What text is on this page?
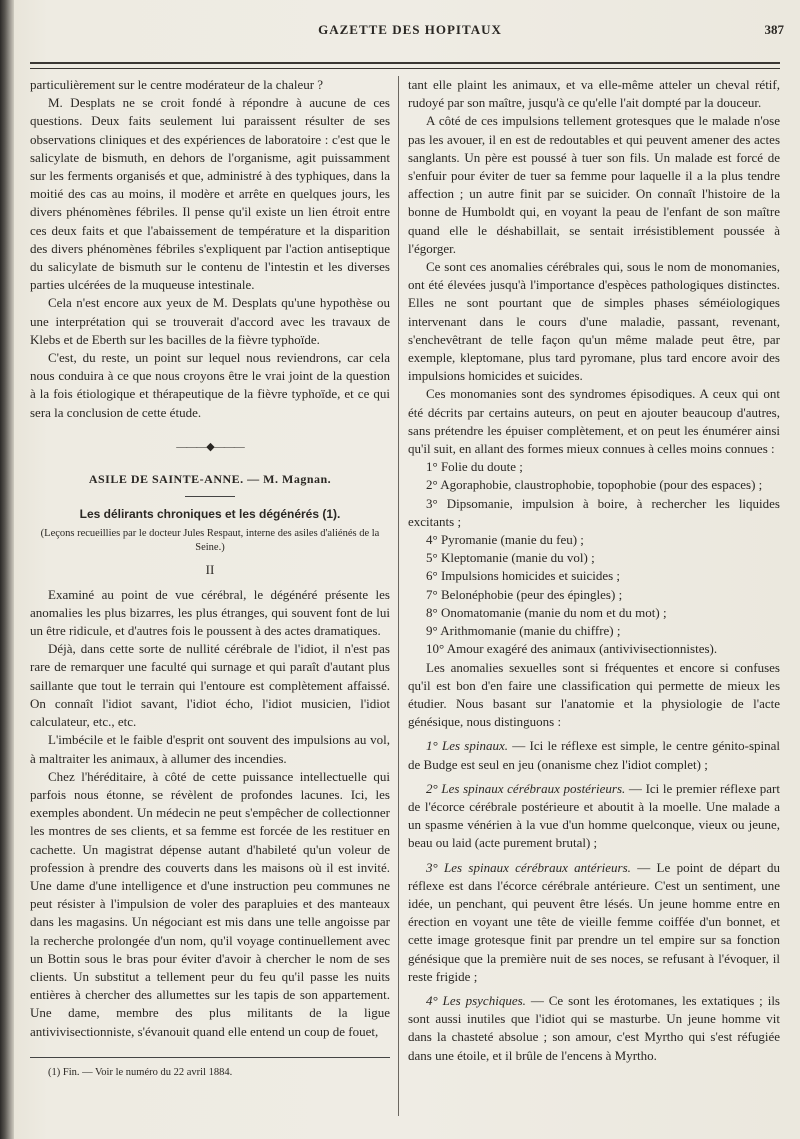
GAZETTE DES HOPITAUX	387

particulièrement sur le centre modérateur de la chaleur ?

M. Desplats ne se croit fondé à répondre à aucune de ces questions. Deux faits seulement lui paraissent résulter de ses observations cliniques et des expériences de laboratoire : c'est que le salicylate de bismuth, en dehors de l'organisme, agit puissamment sur les ferments organisés et que, administré à des typhiques, dans la moitié des cas au moins, il modère et arrête en quelques jours, les divers phénomènes fébriles. Il pense qu'il existe un lien étroit entre ces deux faits et que l'abaissement de température et la disparition des divers phénomènes fébriles s'expliquent par l'action antiseptique du salicylate de bismuth sur le contenu de l'intestin et les diverses parties ulcérées de la muqueuse intestinale.

Cela n'est encore aux yeux de M. Desplats qu'une hypothèse ou une interprétation qui se trouverait d'accord avec les travaux de Klebs et de Eberth sur les bacilles de la fièvre typhoïde.

C'est, du reste, un point sur lequel nous reviendrons, car cela nous conduira à ce que nous croyons être le vrai joint de la question à la fois étiologique et thérapeutique de la fièvre typhoïde, et ce qui sera la conclusion de cette étude.

———◆———
ASILE DE SAINTE-ANNE. — M. Magnan.
Les délirants chroniques et les dégénérés (1).
(Leçons recueillies par le docteur Jules Respaut, interne des asiles d'aliénés de la Seine.)
II

Examiné au point de vue cérébral, le dégénéré présente les anomalies les plus bizarres, les plus étranges, qui souvent font de lui un être ridicule, et d'autres fois le poussent à des actes dramatiques.

Déjà, dans cette sorte de nullité cérébrale de l'idiot, il n'est pas rare de remarquer une faculté qui surnage et qui paraît d'autant plus saillante que tout le terrain qui l'entoure est complètement affaissé. On connaît l'idiot savant, l'idiot écho, l'idiot musicien, l'idiot calculateur, etc., etc.

L'imbécile et le faible d'esprit ont souvent des impulsions au vol, à maltraiter les animaux, à allumer des incendies.

Chez l'héréditaire, à côté de cette puissance intellectuelle qui parfois nous étonne, se révèlent de profondes lacunes. Ici, les exemples abondent. Un médecin ne peut s'empêcher de collectionner les montres de ses clients, et sa femme est forcée de les restituer en cachette. Un magistrat dépense autant d'habileté qu'un voleur de profession à prendre des couverts dans les maisons où il est invité. Une dame d'une intelligence et d'une instruction peu communes ne peut résister à l'impulsion de voler des parapluies et des manteaux dans les magasins. Un négociant est mis dans une telle angoisse par la recherche prolongée d'un nom, qu'il voyage continuellement avec un Bottin sous le bras pour éviter d'avoir à chercher le nom de ses clients. Un substitut a tellement peur du feu qu'il passe les nuits entières à chercher des allumettes sur les tapis de son appartement. Une dame, membre des plus militants de la ligue antivivisectionniste, s'évanouit quand elle entend un coup de fouet,

(1) Fin. — Voir le numéro du 22 avril 1884.

tant elle plaint les animaux, et va elle-même atteler un cheval rétif, rudoyé par son maître, jusqu'à ce qu'elle l'ait dompté par la douceur.

A côté de ces impulsions tellement grotesques que le malade n'ose pas les avouer, il en est de redoutables et qui peuvent amener des actes sanglants. Un père est poussé à tuer son fils. Un malade est forcé de s'enfuir pour éviter de tuer sa femme pour laquelle il a la plus tendre affection ; un autre finit par se suicider. On connaît l'histoire de la bonne de Humboldt qui, en voyant la peau de l'enfant de son maître quand elle le déshabillait, se sentait irrésistiblement poussée à l'égorger.

Ce sont ces anomalies cérébrales qui, sous le nom de monomanies, ont été élevées jusqu'à l'importance d'espèces pathologiques distinctes. Elles ne sont pourtant que de simples phases séméiologiques intervenant dans le cours d'une maladie, passant, revenant, s'enchevêtrant de telle façon qu'un même malade peut être, par exemple, kleptomane, plus tard pyromane, plus tard encore avoir des impulsions homicides et suicides.

Ces monomanies sont des syndromes épisodiques. A ceux qui ont été décrits par certains auteurs, on peut en ajouter beaucoup d'autres, sans prétendre les épuiser complètement, et on peut les énumérer ainsi qu'il suit, en allant des formes mieux connues à celles moins connues :

1° Folie du doute ;

2° Agoraphobie, claustrophobie, topophobie (pour des espaces) ;

3° Dipsomanie, impulsion à boire, à rechercher les liquides excitants ;

4° Pyromanie (manie du feu) ;

5° Kleptomanie (manie du vol) ;

6° Impulsions homicides et suicides ;

7° Belonéphobie (peur des épingles) ;

8° Onomatomanie (manie du nom et du mot) ;

9° Arithmomanie (manie du chiffre) ;

10° Amour exagéré des animaux (antivivisectionnistes).

Les anomalies sexuelles sont si fréquentes et encore si confuses qu'il est bon d'en faire une classification qui permette de mieux les étudier. Nous basant sur l'anatomie et la physiologie de l'acte génésique, nous distinguons :

1° Les spinaux. — Ici le réflexe est simple, le centre génito-spinal de Budge est seul en jeu (onanisme chez l'idiot complet) ;

2° Les spinaux cérébraux postérieurs. — Ici le premier réflexe part de l'écorce cérébrale postérieure et aboutit à la moelle. Une malade a un spasme vénérien à la vue d'un homme quelconque, vieux ou jeune, beau ou laid (acte purement brutal) ;

3° Les spinaux cérébraux antérieurs. — Le point de départ du réflexe est dans l'écorce cérébrale antérieure. C'est un sentiment, une idée, un penchant, qui peuvent être lésés. Un jeune homme entre en érection en voyant une tête de vieille femme coiffée d'un bonnet, et cette image grotesque finit par prendre un tel empire sur sa fonction génésique que la première nuit de ses noces, se refusant à l'évoquer, il reste frigide ;

4° Les psychiques. — Ce sont les érotomanes, les extatiques ; ils sont aussi inutiles que l'idiot qui se masturbe. Un jeune homme vit dans la chasteté absolue ; son amour, c'est Myrtho qui s'est réfugiée dans une étoile, et il brûle de l'encens à Myrtho.
